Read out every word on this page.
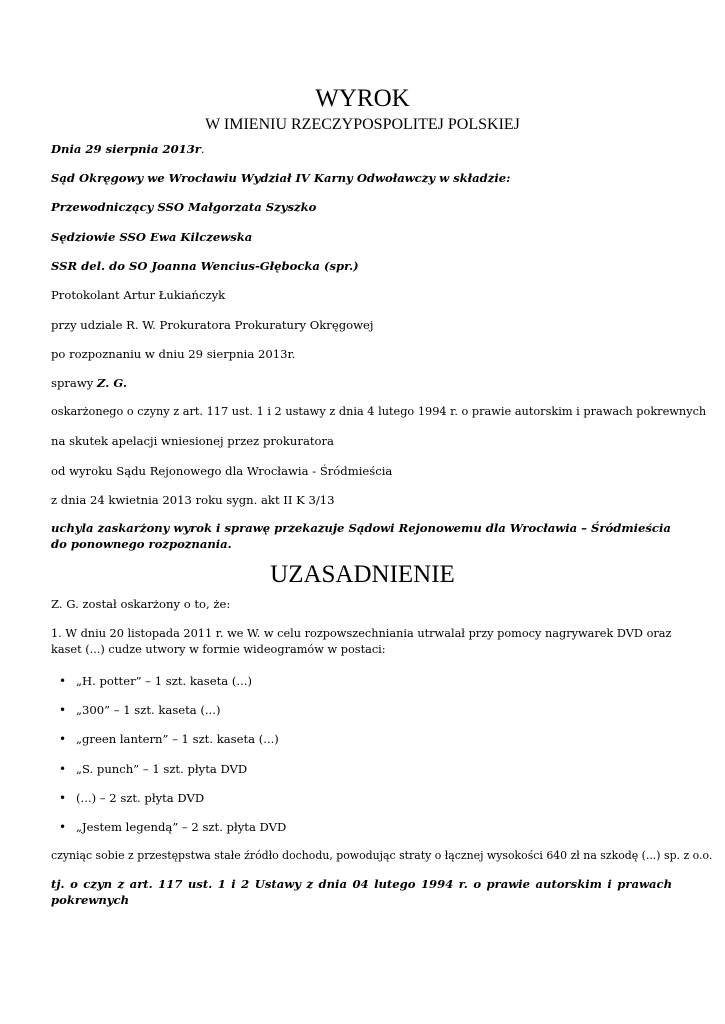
WYROK
W IMIENIU RZECZYPOSPOLITEJ POLSKIEJ
Dnia 29 sierpnia 2013r.
Sąd Okręgowy we Wrocławiu Wydział IV Karny Odwoławczy w składzie:
Przewodniczący SSO Małgorzata Szyszko
Sędziowie SSO Ewa Kilczewska
SSR del. do SO Joanna Wencius-Głębocka (spr.)
Protokolant Artur Łukiańczyk
przy udziale R. W. Prokuratora Prokuratury Okręgowej
po rozpoznaniu w dniu 29 sierpnia 2013r.
sprawy Z. G.
oskarżonego o czyny z art. 117 ust. 1 i 2 ustawy z dnia 4 lutego 1994 r. o prawie autorskim i prawach pokrewnych
na skutek apelacji wniesionej przez prokuratora
od wyroku Sądu Rejonowego dla Wrocławia - Śródmieścia
z dnia 24 kwietnia 2013 roku sygn. akt II K 3/13
uchyla zaskarżony wyrok i sprawę przekazuje Sądowi Rejonowemu dla Wrocławia – Śródmieścia do ponownego rozpoznania.
UZASADNIENIE
Z. G. został oskarżony o to, że:
1. W dniu 20 listopada 2011 r. we W. w celu rozpowszechniania utrwalał przy pomocy nagrywarek DVD oraz kaset (...) cudze utwory w formie wideogramów w postaci:
• „H. potter” – 1 szt. kaseta (...)
• „300” – 1 szt. kaseta (...)
• „green lantern” – 1 szt. kaseta (...)
• „S. punch” – 1 szt. płyta DVD
• (...) – 2 szt. płyta DVD
• „Jestem legendą” – 2 szt. płyta DVD
czyniąc sobie z przestępstwa stałe źródło dochodu, powodując straty o łącznej wysokości 640 zł na szkodę (...) sp. z o.o.
tj. o czyn z art. 117 ust. 1 i 2 Ustawy z dnia 04 lutego 1994 r. o prawie autorskim i prawach pokrewnych
